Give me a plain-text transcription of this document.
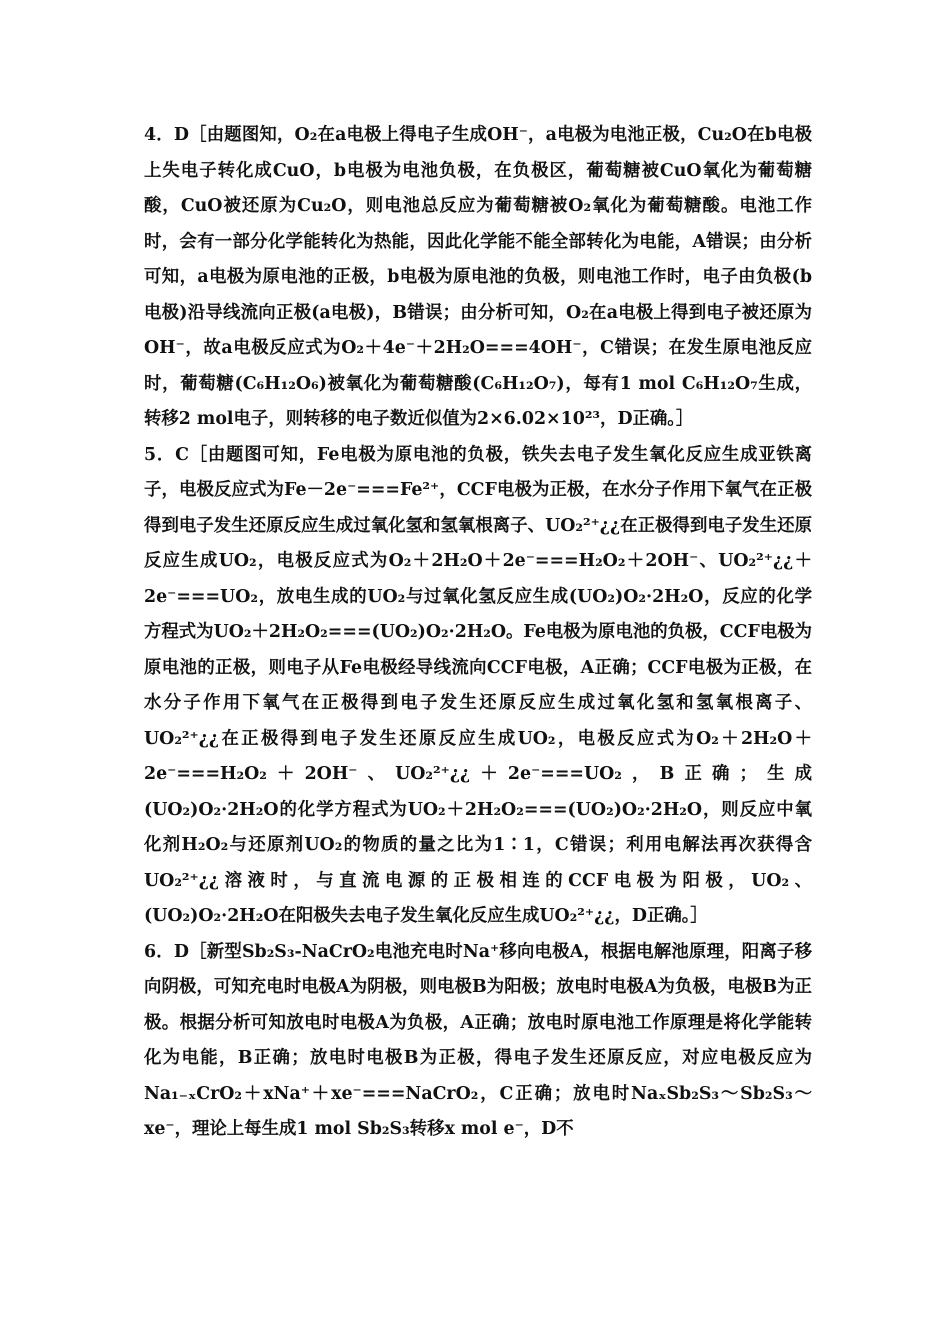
4．D［由题图知，O₂在a电极上得电子生成OH⁻，a电极为电池正极，Cu₂O在b电极上失电子转化成CuO，b电极为电池负极，在负极区，葡萄糖被CuO氧化为葡萄糖酸，CuO被还原为Cu₂O，则电池总反应为葡萄糖被O₂氧化为葡萄糖酸。电池工作时，会有一部分化学能转化为热能，因此化学能不能全部转化为电能，A错误；由分析可知，a电极为原电池的正极，b电极为原电池的负极，则电池工作时，电子由负极(b电极)沿导线流向正极(a电极)，B错误；由分析可知，O₂在a电极上得到电子被还原为OH⁻，故a电极反应式为O₂＋4e⁻＋2H₂O===4OH⁻，C错误；在发生原电池反应时，葡萄糖(C₆H₁₂O₆)被氧化为葡萄糖酸(C₆H₁₂O₇)，每有1 mol C₆H₁₂O₇生成，转移2 mol电子，则转移的电子数近似值为2×6.02×10²³，D正确。］

5．C［由题图可知，Fe电极为原电池的负极，铁失去电子发生氧化反应生成亚铁离子，电极反应式为Fe－2e⁻===Fe²⁺，CCF电极为正极，在水分子作用下氧气在正极得到电子发生还原反应生成过氧化氢和氢氧根离子、UO₂²⁺¿¿在正极得到电子发生还原反应生成UO₂，电极反应式为O₂＋2H₂O＋2e⁻===H₂O₂＋2OH⁻、UO₂²⁺¿¿＋2e⁻===UO₂，放电生成的UO₂与过氧化氢反应生成(UO₂)O₂·2H₂O，反应的化学方程式为UO₂＋2H₂O₂===(UO₂)O₂·2H₂O。Fe电极为原电池的负极，CCF电极为原电池的正极，则电子从Fe电极经导线流向CCF电极，A正确；CCF电极为正极，在水分子作用下氧气在正极得到电子发生还原反应生成过氧化氢和氢氧根离子、UO₂²⁺¿¿在正极得到电子发生还原反应生成UO₂，电极反应式为O₂＋2H₂O＋2e⁻===H₂O₂＋2OH⁻、UO₂²⁺¿¿＋2e⁻===UO₂，B正确；生成(UO₂)O₂·2H₂O的化学方程式为UO₂＋2H₂O₂===(UO₂)O₂·2H₂O，则反应中氧化剂H₂O₂与还原剂UO₂的物质的量之比为1∶1，C错误；利用电解法再次获得含UO₂²⁺¿¿溶液时，与直流电源的正极相连的CCF电极为阳极，UO₂、(UO₂)O₂·2H₂O在阳极失去电子发生氧化反应生成UO₂²⁺¿¿，D正确。］

6．D［新型Sb₂S₃-NaCrO₂电池充电时Na⁺移向电极A，根据电解池原理，阳离子移向阴极，可知充电时电极A为阴极，则电极B为阳极；放电时电极A为负极，电极B为正极。根据分析可知放电时电极A为负极，A正确；放电时原电池工作原理是将化学能转化为电能，B正确；放电时电极B为正极，得电子发生还原反应，对应电极反应为Na₁₋ₓCrO₂＋xNa⁺＋xe⁻===NaCrO₂，C正确；放电时NaₓSb₂S₃～Sb₂S₃～xe⁻，理论上每生成1 mol Sb₂S₃转移x mol e⁻，D不
